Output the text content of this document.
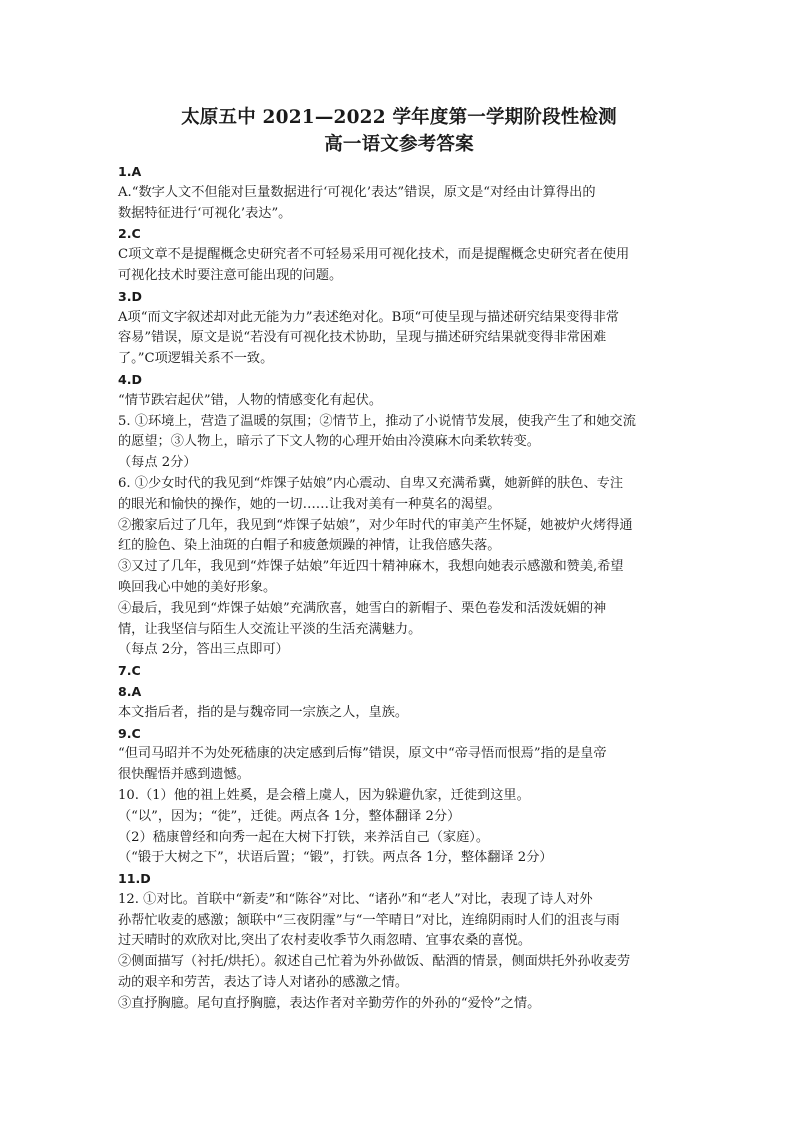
太原五中 2021—2022 学年度第一学期阶段性检测
高一语文参考答案

1.A

A.“数字人文不但能对巨量数据进行‘可视化’表达”错误，原文是“对经由计算得出的

数据特征进行‘可视化’表达”。

2.C

C项文章不是提醒概念史研究者不可轻易采用可视化技术，而是提醒概念史研究者在使用

可视化技术时要注意可能出现的问题。

3.D

A项“而文字叙述却对此无能为力”表述绝对化。B项“可使呈现与描述研究结果变得非常

容易”错误，原文是说“若没有可视化技术协助，呈现与描述研究结果就变得非常困难

了。”C项逻辑关系不一致。

4.D

“情节跌宕起伏”错，人物的情感变化有起伏。

5. ①环境上，营造了温暖的氛围；②情节上，推动了小说情节发展，使我产生了和她交流

的愿望；③人物上，暗示了下文人物的心理开始由冷漠麻木向柔软转变。

（每点 2分）

6. ①少女时代的我见到“炸馃子姑娘”内心震动、自卑又充满希冀，她新鲜的肤色、专注

的眼光和愉快的操作，她的一切……让我对美有一种莫名的渴望。

②搬家后过了几年，我见到“炸馃子姑娘”，对少年时代的审美产生怀疑，她被炉火烤得通

红的脸色、染上油斑的白帽子和疲惫烦躁的神情，让我倍感失落。

③又过了几年，我见到“炸馃子姑娘”年近四十精神麻木，我想向她表示感激和赞美,希望

唤回我心中她的美好形象。

④最后，我见到“炸馃子姑娘”充满欣喜，她雪白的新帽子、栗色卷发和活泼妩媚的神

情，让我坚信与陌生人交流让平淡的生活充满魅力。

（每点 2分，答出三点即可）

7.C

8.A

本文指后者，指的是与魏帝同一宗族之人，皇族。

9.C

“但司马昭并不为处死嵇康的决定感到后悔”错误，原文中“帝寻悟而恨焉”指的是皇帝

很快醒悟并感到遗憾。

10.（1）他的祖上姓奚，是会稽上虞人，因为躲避仇家，迁徙到这里。

（“以”，因为；“徙”，迁徙。两点各 1分，整体翻译 2分）

（2）嵇康曾经和向秀一起在大树下打铁，来养活自己（家庭）。

（“锻于大树之下”，状语后置；“锻”，打铁。两点各 1分，整体翻译 2分）

11.D

12. ①对比。首联中“新麦”和“陈谷”对比、“诸孙”和“老人”对比，表现了诗人对外

孙帮忙收麦的感激；颔联中“三夜阴霪”与“一竿晴日”对比，连绵阴雨时人们的沮丧与雨

过天晴时的欢欣对比,突出了农村麦收季节久雨忽晴、宜事农桑的喜悦。

②侧面描写（衬托/烘托）。叙述自己忙着为外孙做饭、酤酒的情景，侧面烘托外孙收麦劳

动的艰辛和劳苦，表达了诗人对诸孙的感激之情。

③直抒胸臆。尾句直抒胸臆，表达作者对辛勤劳作的外孙的“爱怜”之情。
